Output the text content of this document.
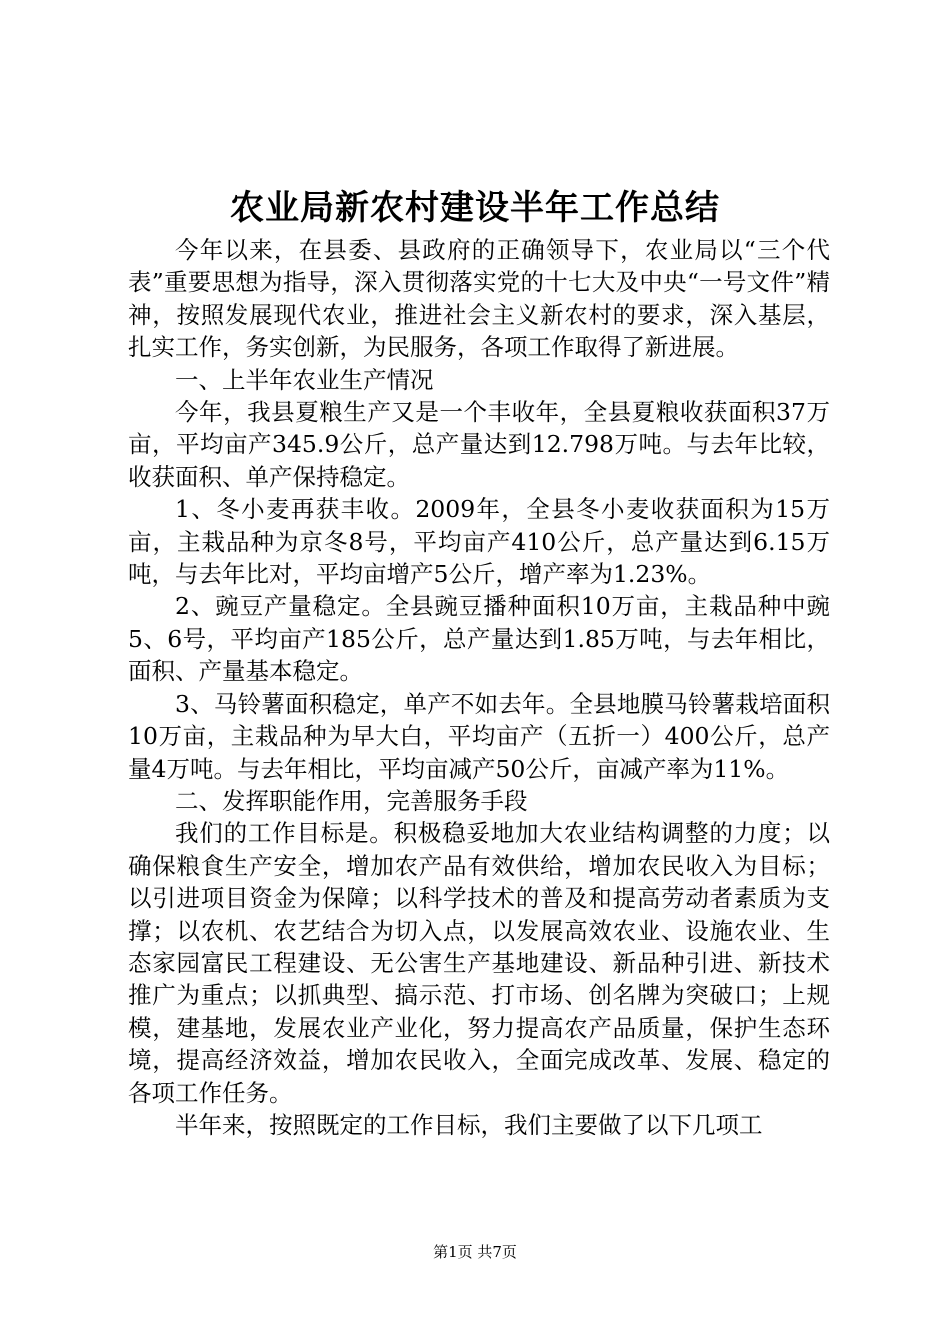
农业局新农村建设半年工作总结

今年以来，在县委、县政府的正确领导下，农业局以“三个代表”重要思想为指导，深入贯彻落实党的十七大及中央“一号文件”精神，按照发展现代农业，推进社会主义新农村的要求，深入基层，扎实工作，务实创新，为民服务，各项工作取得了新进展。

一、上半年农业生产情况

今年，我县夏粮生产又是一个丰收年，全县夏粮收获面积37万亩，平均亩产345.9公斤，总产量达到12.798万吨。与去年比较，收获面积、单产保持稳定。

1、冬小麦再获丰收。2009年，全县冬小麦收获面积为15万亩，主栽品种为京冬8号，平均亩产410公斤，总产量达到6.15万吨，与去年比对，平均亩增产5公斤，增产率为1.23%。

2、豌豆产量稳定。全县豌豆播种面积10万亩，主栽品种中豌5、6号，平均亩产185公斤，总产量达到1.85万吨，与去年相比，面积、产量基本稳定。

3、马铃薯面积稳定，单产不如去年。全县地膜马铃薯栽培面积10万亩，主栽品种为早大白，平均亩产（五折一）400公斤，总产量4万吨。与去年相比，平均亩减产50公斤，亩减产率为11%。

二、发挥职能作用，完善服务手段

我们的工作目标是。积极稳妥地加大农业结构调整的力度；以确保粮食生产安全，增加农产品有效供给，增加农民收入为目标；以引进项目资金为保障；以科学技术的普及和提高劳动者素质为支撑；以农机、农艺结合为切入点，以发展高效农业、设施农业、生态家园富民工程建设、无公害生产基地建设、新品种引进、新技术推广为重点；以抓典型、搞示范、打市场、创名牌为突破口；上规模，建基地，发展农业产业化，努力提高农产品质量，保护生态环境，提高经济效益，增加农民收入，全面完成改革、发展、稳定的各项工作任务。

半年来，按照既定的工作目标，我们主要做了以下几项工

第1页 共7页
